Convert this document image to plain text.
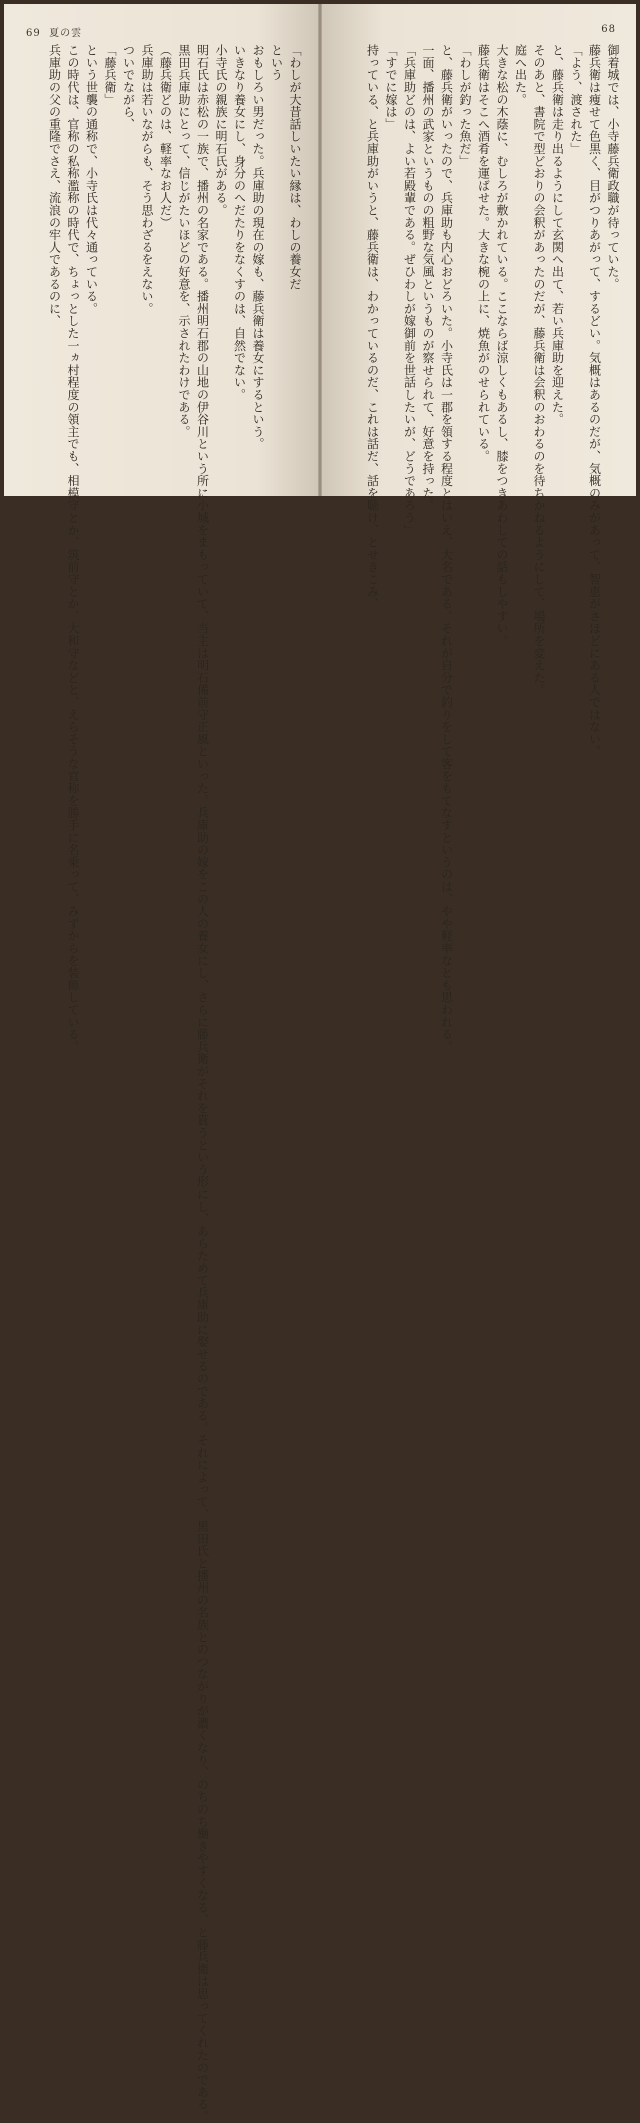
69 夏の雲
「わしが大昔話しいたい縁は、わしの養女だ
という
おもしろい男だった。兵庫助の現在の嫁も、藤兵衛は養女にするという。
いきなり養女にし、身分のへだたりをなくすのは、自然でない。
小寺氏の親族に明石氏がある。
明石氏は赤松の一族で、播州の名家である。播州明石郡の山地の伊谷川という所に小城をまもっていて、当主は明石備前守正風といった。兵庫助の嫁をこの人の養女にし、さらに藤兵衛がそれを貰うという形にし、あらためて兵庫助に娶せるのである。それによって、黒田氏と播州の名族とのつながりが濃くなり、のちのち働きやすくなる、と藤兵衛は思ってくれたのである。
黒田兵庫助にとって、信じがたいほどの好意を、示されたわけである。
（藤兵衛どのは、軽率なお人だ）
兵庫助は若いながらも、そう思わざるをえない。
ついでながら、
「藤兵衛」
という世襲の通称で、小寺氏は代々通っている。
この時代は、官称の私称濫称の時代で、ちょっとした一ヵ村程度の領主でも、相模守とか、筑前守とか、大和守などと、えらそうな官称を勝手に名乗って、みずからを装飾している。
兵庫助の父の重隆でさえ、流浪の牢人であるのに、
68
御着城では、小寺藤兵衛政職が待っていた。
藤兵衛は痩せて色黒く、目がつりあがって、するどい。気概はあるのだが、気概のみがあって、智恵がさほどにある人ではない。
「よう、渡された」
と、藤兵衛は走り出るようにして玄関へ出て、若い兵庫助を迎えた。
そのあと、書院で型どおりの会釈があったのだが、藤兵衛は会釈のおわるのを待ちかねるようにして、場所を変えた。
庭へ出た。
大きな松の木蔭に、むしろが敷かれている。ここならば涼しくもあるし、膝をつきあわしての話もしやすい。
藤兵衛はそこへ酒肴を運ばせた。大きな椀の上に、焼魚がのせられている。
「わしが釣った魚だ」
と、藤兵衛がいったので、兵庫助も内心おどろいた。小寺氏は一郡を領する程度とはいえ、大名である。それが自分で釣りをして客をもてなすというのは、やや軽率なとも思われる。
一面、播州の武家というものの粗野な気風というものが察せられて、好意を持った。
「兵庫助どのは、よい若殿輩である。ぜひわしが嫁御前を世話したいが、どうであろう」
「すでに嫁は」
持っている、と兵庫助がいうと、藤兵衛は、わかっているのだ、これは話だ、話を聴け、とせきこみ、
